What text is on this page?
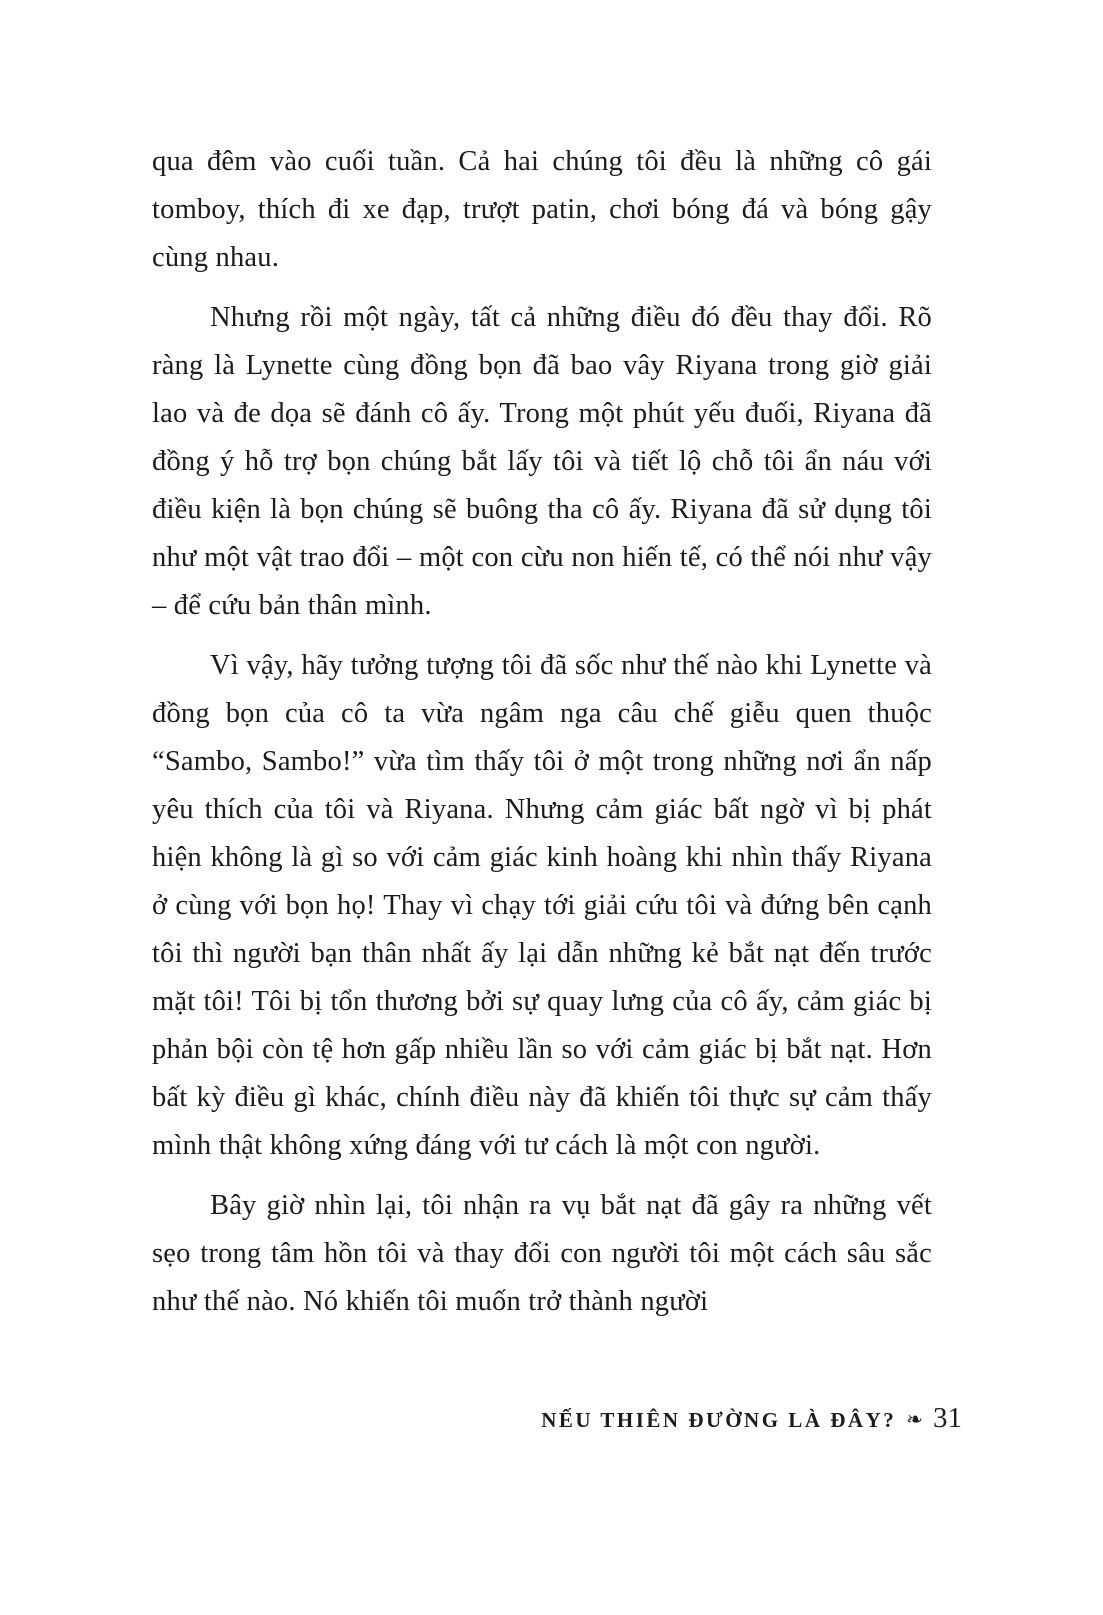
qua đêm vào cuối tuần. Cả hai chúng tôi đều là những cô gái tomboy, thích đi xe đạp, trượt patin, chơi bóng đá và bóng gậy cùng nhau.

Nhưng rồi một ngày, tất cả những điều đó đều thay đổi. Rõ ràng là Lynette cùng đồng bọn đã bao vây Riyana trong giờ giải lao và đe dọa sẽ đánh cô ấy. Trong một phút yếu đuối, Riyana đã đồng ý hỗ trợ bọn chúng bắt lấy tôi và tiết lộ chỗ tôi ẩn náu với điều kiện là bọn chúng sẽ buông tha cô ấy. Riyana đã sử dụng tôi như một vật trao đổi – một con cừu non hiến tế, có thể nói như vậy – để cứu bản thân mình.

Vì vậy, hãy tưởng tượng tôi đã sốc như thế nào khi Lynette và đồng bọn của cô ta vừa ngâm nga câu chế giễu quen thuộc “Sambo, Sambo!” vừa tìm thấy tôi ở một trong những nơi ẩn nấp yêu thích của tôi và Riyana. Nhưng cảm giác bất ngờ vì bị phát hiện không là gì so với cảm giác kinh hoàng khi nhìn thấy Riyana ở cùng với bọn họ! Thay vì chạy tới giải cứu tôi và đứng bên cạnh tôi thì người bạn thân nhất ấy lại dẫn những kẻ bắt nạt đến trước mặt tôi! Tôi bị tổn thương bởi sự quay lưng của cô ấy, cảm giác bị phản bội còn tệ hơn gấp nhiều lần so với cảm giác bị bắt nạt. Hơn bất kỳ điều gì khác, chính điều này đã khiến tôi thực sự cảm thấy mình thật không xứng đáng với tư cách là một con người.

Bây giờ nhìn lại, tôi nhận ra vụ bắt nạt đã gây ra những vết sẹo trong tâm hồn tôi và thay đổi con người tôi một cách sâu sắc như thế nào. Nó khiến tôi muốn trở thành người

NẾU THIÊN ĐƯỜNG LÀ ĐÂY? ❧ 31
